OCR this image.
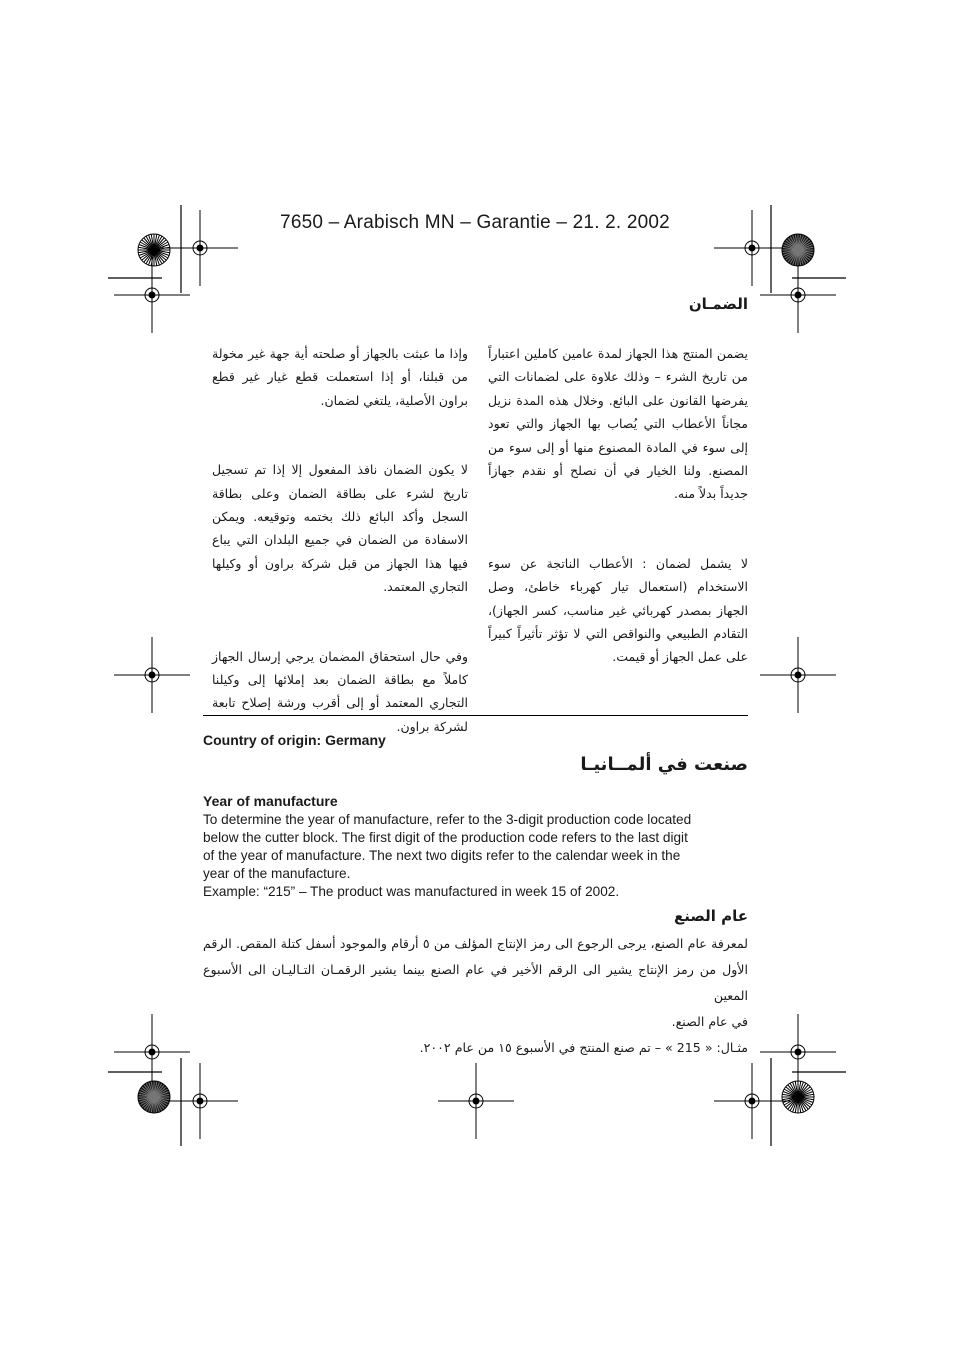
7650 – Arabisch MN – Garantie – 21. 2. 2002
الضمـان

يضمن المنتج هذا الجهاز لمدة عامين كاملين اعتباراً من تاريخ الشرء – وذلك علاوة على لضمانات التي يفرضها القانون على البائع. وخلال هذه المدة نزيل مجاناً الأعطاب التي يُصاب بها الجهاز والتي تعود إلى سوء في المادة المصنوع منها أو إلى سوء من المصنع. ولنا الخيار في أن نصلح أو نقدم جهازاً جديداً بدلاً منه.

لا يشمل لضمان : الأعطاب الناتجة عن سوء الاستخدام (استعمال تيار كهرباء خاطئ، وصل الجهاز بمصدر كهربائي غير مناسب، كسر الجهاز)، التقادم الطبيعي والنواقص التي لا تؤثر تأثيراً كبيراً على عمل الجهاز أو قيمت.

وإذا ما عبثت بالجهاز أو صلحته أية جهة غير مخولة من قبلنا، أو إذا استعملت قطع غيار غير قطع براون الأصلية، يلتغي لضمان.

لا يكون الضمان نافذ المفعول إلا إذا تم تسجيل تاريخ لشرء على بطاقة الضمان وعلى بطاقة السجل وأكد البائع ذلك بختمه وتوقيعه. ويمكن الاسفادة من الضمان في جميع البلدان التي يباع فيها هذا الجهاز من قبل شركة براون أو وكيلها التجاري المعتمد.

وفي حال استحقاق المضمان يرجي إرسال الجهاز كاملاً مع بطاقة الضمان بعد إملائها إلى وكيلنا التجاري المعتمد أو إلى أقرب ورشة إصلاح تابعة لشركة براون.

Country of origin: Germany
صنعت في ألمــانيـا
Year of manufacture
To determine the year of manufacture, refer to the 3-digit production code located
below the cutter block. The first digit of the production code refers to the last digit
of the year of manufacture. The next two digits refer to the calendar week in the
year of the manufacture.
Example: “215” – The product was manufactured in week 15 of 2002.
عام الصنع
لمعرفة عام الصنع، يرجى الرجوع الى رمز الإنتاج المؤلف من ٥ أرقام والموجود أسفل كتلة المقص. الرقم
الأول من رمز الإنتاج يشير الى الرقم الأخير في عام الصنع بينما يشير الرقمـان التـاليـان الى الأسبوع المعين
في عام الصنع.
مثـال: « 215 » – تم صنع المنتج في الأسبوع ١٥ من عام ٢٠٠٢.
